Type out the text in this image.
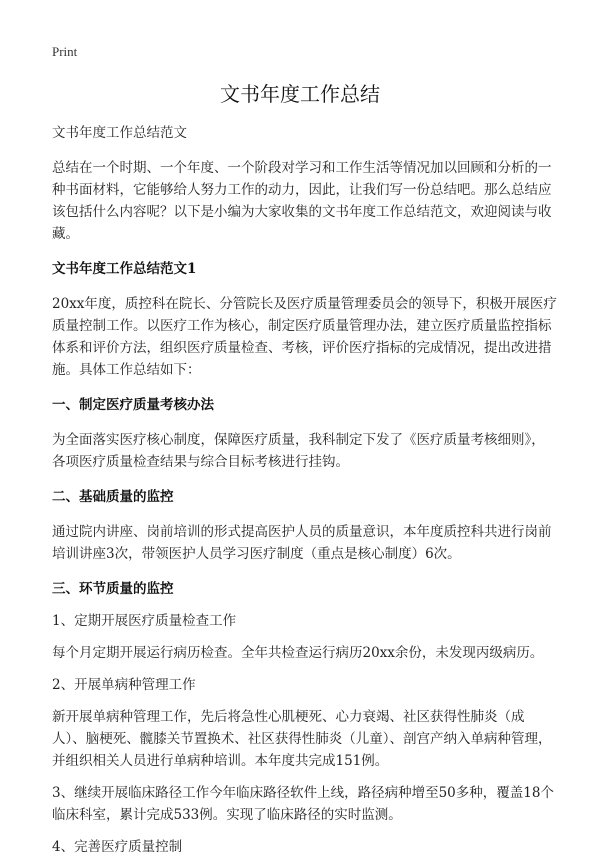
Print
文书年度工作总结

文书年度工作总结范文

总结在一个时期、一个年度、一个阶段对学习和工作生活等情况加以回顾和分析的一种书面材料，它能够给人努力工作的动力，因此，让我们写一份总结吧。那么总结应该包括什么内容呢？以下是小编为大家收集的文书年度工作总结范文，欢迎阅读与收藏。

文书年度工作总结范文1

20xx年度，质控科在院长、分管院长及医疗质量管理委员会的领导下，积极开展医疗质量控制工作。以医疗工作为核心，制定医疗质量管理办法，建立医疗质量监控指标体系和评价方法，组织医疗质量检查、考核，评价医疗指标的完成情况，提出改进措施。具体工作总结如下：

一、制定医疗质量考核办法

为全面落实医疗核心制度，保障医疗质量，我科制定下发了《医疗质量考核细则》，各项医疗质量检查结果与综合目标考核进行挂钩。

二、基础质量的监控

通过院内讲座、岗前培训的形式提高医护人员的质量意识，本年度质控科共进行岗前培训讲座3次，带领医护人员学习医疗制度（重点是核心制度）6次。

三、环节质量的监控

1、定期开展医疗质量检查工作

每个月定期开展运行病历检查。全年共检查运行病历20xx余份，未发现丙级病历。

2、开展单病种管理工作

新开展单病种管理工作，先后将急性心肌梗死、心力衰竭、社区获得性肺炎（成人）、脑梗死、髋膝关节置换术、社区获得性肺炎（儿童）、剖宫产纳入单病种管理，并组织相关人员进行单病种培训。本年度共完成151例。

3、继续开展临床路径工作今年临床路径软件上线，路径病种增至50多种，覆盖18个临床科室，累计完成533例。实现了临床路径的实时监测。

4、完善医疗质量控制
